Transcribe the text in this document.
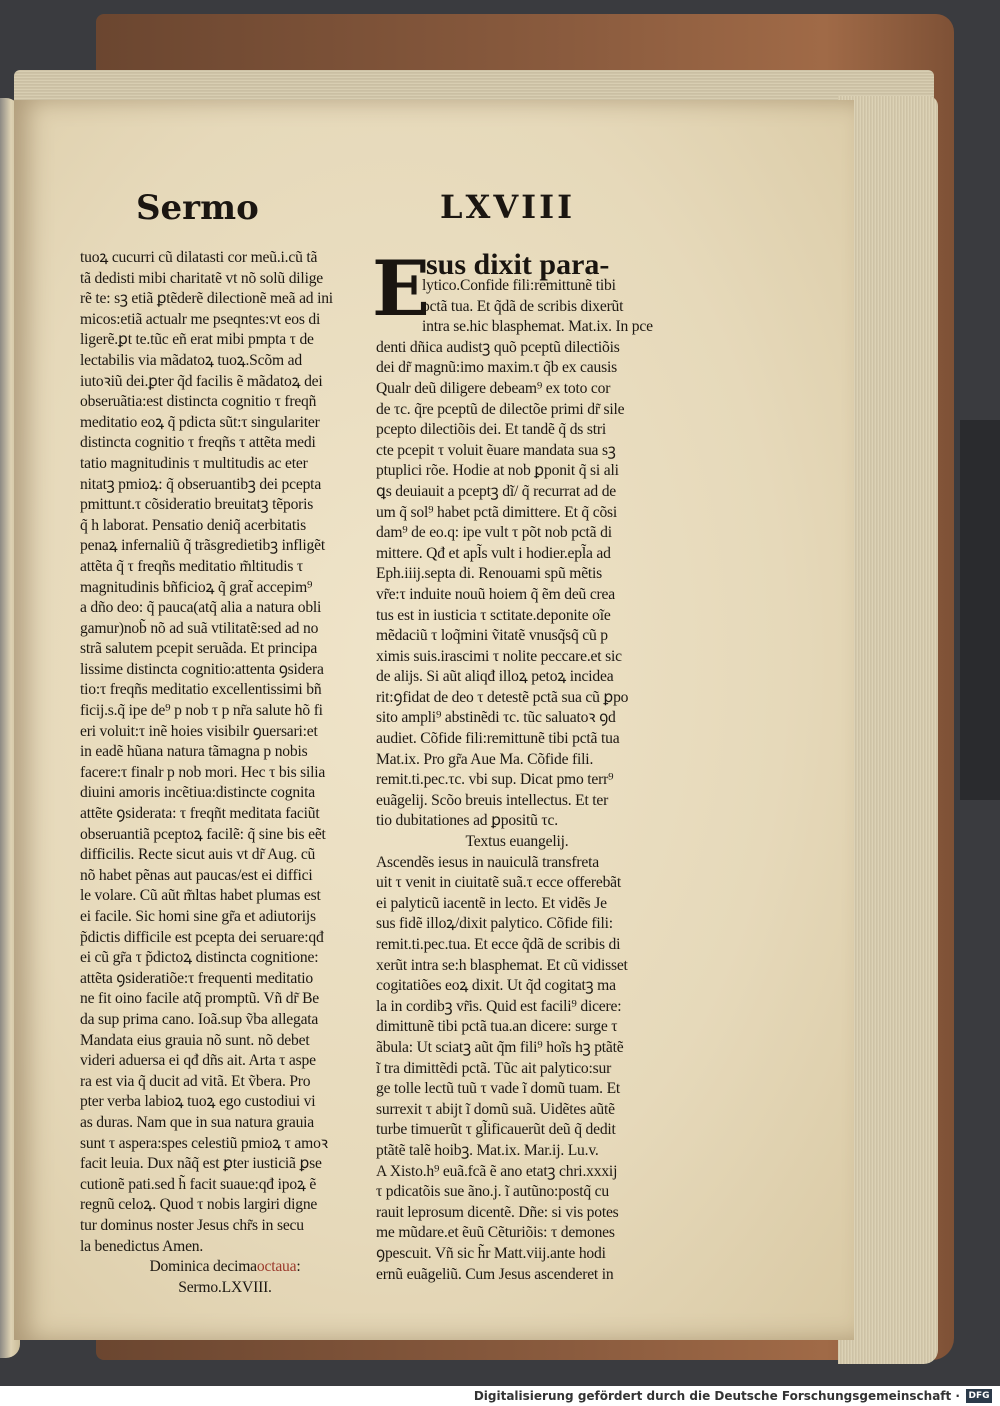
Sermo	LXVIII
tuoꝝ cucurri cũ dilatasti cor meũ.i.cũ tã
tã dedisti mibi charitatẽ vt nõ solũ dilige
rẽ te: sꝫ etiã ꝑtẽderẽ dilectionẽ meã ad ini
micos:etiã actualr me pseqntes:vt eos di
ligerẽ.ꝑt te.tũc eñ erat mibi pmpta τ de
lectabilis via mãdatoꝝ tuoꝝ.Scõm ad
iutoꝛiũ dei.ꝑter q̃d facilis ẽ mãdatoꝝ dei
obseruãtia:est distincta cognitio τ freqñ
meditatio eoꝝ q̃ pdicta sũt:τ singulariter
distincta cognitio τ freqñs τ attẽta medi
tatio magnitudinis τ multitudis ac eter
nitatꝫ pmioꝝ: q̃ obseruantibꝫ dei pcepta
pmittunt.τ cõsideratio breuitatꝫ tẽporis
q̃ h laborat. Pensatio deniq̃ acerbitatis
penaꝝ infernaliũ q̃ trãsgredietibꝫ infligẽt
attẽta q̃ τ freqñs meditatio m̃ltitudis τ
magnitudinis bñficioꝝ q̃ grat̃ accepim⁹
a dño deo: q̃ pauca(atq̃ alia a natura obli
gamur)nob̃ nõ ad suã vtilitatẽ:sed ad no
strã salutem pcepit seruãda. Et principa
lissime distincta cognitio:attenta ꝯsidera
tio:τ freqñs meditatio excellentissimi bñ
ficij.s.q̃ ipe de⁹ p nob τ p nr̃a salute hõ fi
eri voluit:τ inẽ hoies visibilr ꝯuersari:et
in eadẽ hũana natura tãmagna p nobis
facere:τ finalr p nob mori. Hec τ bis silia
diuini amoris incẽtiua:distincte cognita
attẽte ꝯsiderata: τ freqñt meditata faciũt
obseruantiã pceptoꝝ facilẽ: q̃ sine bis eẽt
difficilis. Recte sicut auis vt dr̃ Aug. cũ
nõ habet pẽnas aut paucas/est ei diffici
le volare. Cũ aũt m̃ltas habet plumas est
ei facile. Sic homi sine gr̃a et adiutorijs
p̃dictis difficile est pcepta dei seruare:qđ
ei cũ gr̃a τ p̃dictoꝝ distincta cognitione:
attẽta ꝯsideratiõe:τ frequenti meditatio
ne fit oino facile atq̃ promptũ. Vñ dr̃ Be
da sup prima cano. Ioã.sup ṽba allegata
Mandata eius grauia nõ sunt. nõ debet
videri aduersa ei qđ dñs ait. Arta τ aspe
ra est via q̃ ducit ad vitã. Et ṽbera. Pro
pter verba labioꝝ tuoꝝ ego custodiui vi
as duras. Nam que in sua natura grauia
sunt τ aspera:spes celestiũ pmioꝝ τ amoꝛ
facit leuia. Dux nãq̃ est ꝑter iusticiã ꝑse
cutionẽ pati.sed h̃ facit suaue:qđ ipoꝝ ẽ
regnũ celoꝝ. Quod τ nobis largiri digne
tur dominus noster Jesus chr̃s in secu
la benedictus Amen.
Dominica decimaoctaua:
Sermo.LXVIII.
E
sus dixit para-
lytico.Confide fili:remittunẽ tibi
pctã tua. Et q̃dã de scribis dixerũt
intra se.hic blasphemat. Mat.ix. In pce
denti dñica audistꝫ quõ pceptũ dilectiõis
dei dr̃ magnũ:imo maxim.τ q̃b ex causis
Qualr deũ diligere debeam⁹ ex toto cor
de τc. q̃re pceptũ de dilectõe primi dr̃ sile
pcepto dilectiõis dei. Et tandẽ q̃ ds stri
cte pcepit τ voluit ẽuare mandata sua sꝫ
ptuplici rõe. Hodie at nob ꝑponit q̃ si ali
ꝗs deuiauit a pceptꝫ dĩ/ q̃ recurrat ad de
um q̃ sol⁹ habet pctã dimittere. Et q̃ cõsi
dam⁹ de eo.q: ipe vult τ põt nob pctã di
mittere. Qđ et apl̃s vult i hodier.epl̃a ad
Eph.iiij.septa di. Renouami spũ mẽtis
vr̃e:τ induite nouũ hoiem q̃ ẽm deũ crea
tus est in iusticia τ sctitate.deponite oĩe
mẽdaciũ τ loq̃mini ṽitatẽ vnusq̃sq̃ cũ p
ximis suis.irascimi τ nolite peccare.et sic
de alijs. Si aũt aliqđ illoꝝ petoꝝ incidea
rit:ꝯfidat de deo τ detestẽ pctã sua cũ ꝑpo
sito ampli⁹ abstinẽdi τc. tũc saluatoꝛ ꝯd
audiet. Cõfide fili:remittunẽ tibi pctã tua
Mat.ix. Pro gr̃a Aue Ma. Cõfide fili.
remit.ti.pec.τc. vbi sup. Dicat pmo terr⁹
euãgelij. Scõo breuis intellectus. Et ter
tio dubitationes ad ꝑpositũ τc.
Textus euangelij.
Ascendẽs iesus in nauiculã transfreta
uit τ venit in ciuitatẽ suã.τ ecce offerebãt
ei palyticũ iacentẽ in lecto. Et vidẽs Je
sus fidẽ illoꝝ/dixit palytico. Cõfide fili:
remit.ti.pec.tua. Et ecce q̃dã de scribis di
xerũt intra se:h blasphemat. Et cũ vidisset
cogitatiões eoꝝ dixit. Ut q̃d cogitatꝫ ma
la in cordibꝫ vr̃is. Quid est facili⁹ dicere:
dimittunẽ tibi pctã tua.an dicere: surge τ
ãbula: Ut sciatꝫ aũt q̃m fili⁹ hoĩs hꝫ ptãtẽ
ĩ tra dimittẽdi pctã. Tũc ait palytico:sur
ge tolle lectũ tuũ τ vade ĩ domũ tuam. Et
surrexit τ abijt ĩ domũ suã. Uidẽtes aũtẽ
turbe timuerũt τ gl̃ificauerũt deũ q̃ dedit
ptãtẽ talẽ hoibꝫ. Mat.ix. Mar.ij. Lu.v.
A Xisto.h⁹ euã.fcã ẽ ano etatꝫ chri.xxxij
τ pdicatõis sue ãno.j. ĩ autũno:postq̃ cu
rauit leprosum dicentẽ. Dñe: si vis potes
me mũdare.et ẽuũ Cẽturiõis: τ demones
ꝯpescuit. Vñ sic h̃r Matt.viij.ante hodi
ernũ euãgeliũ. Cum Jesus ascenderet in
Digitalisierung gefördert durch die Deutsche Forschungsgemeinschaft · DFG
